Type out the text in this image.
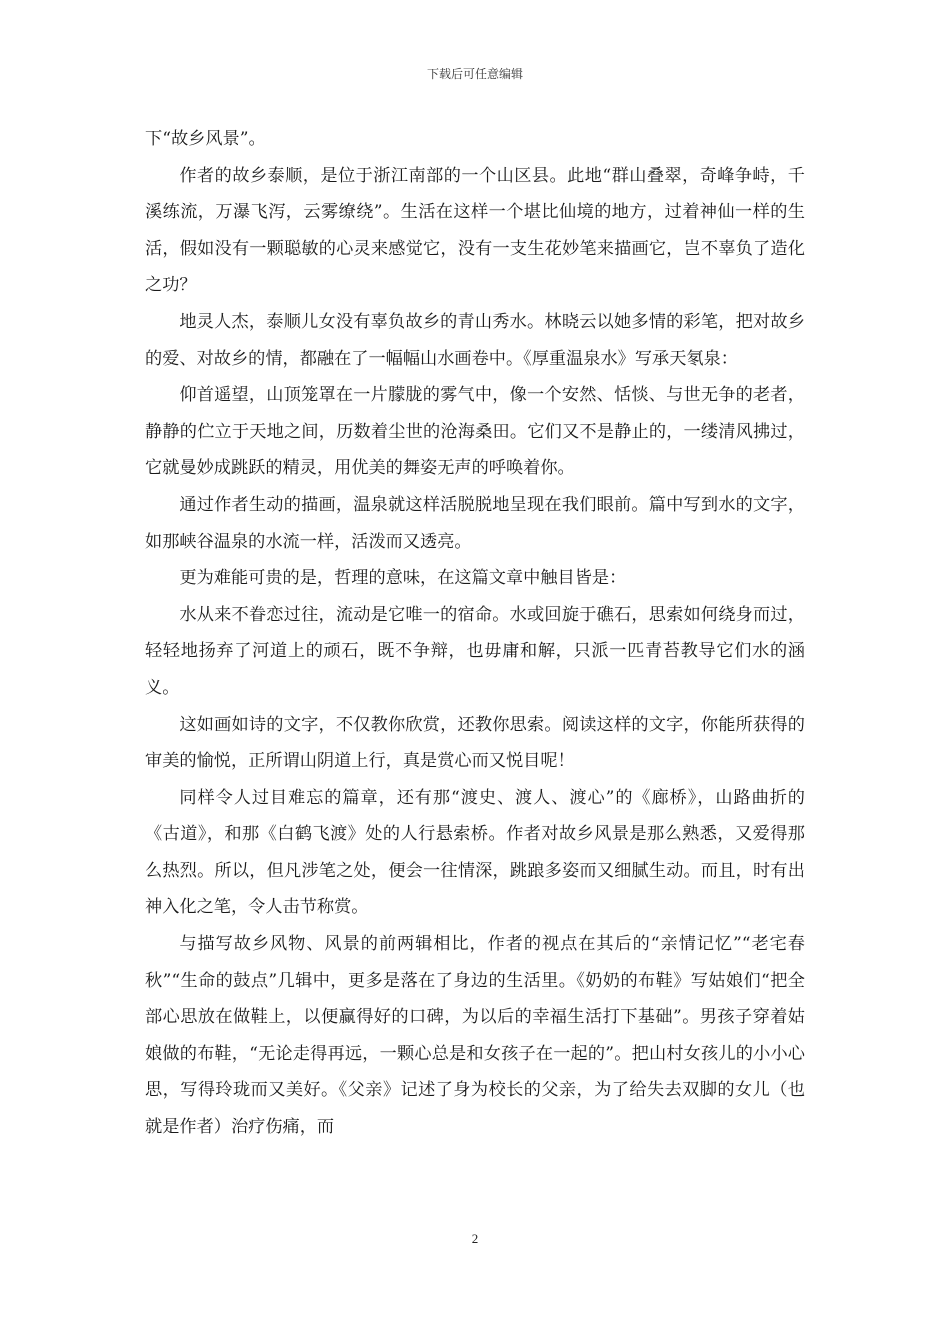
下载后可任意编辑

下“故乡风景”。

作者的故乡泰顺，是位于浙江南部的一个山区县。此地“群山叠翠，奇峰争峙，千溪练流，万瀑飞泻，云雾缭绕”。生活在这样一个堪比仙境的地方，过着神仙一样的生活，假如没有一颗聪敏的心灵来感觉它，没有一支生花妙笔来描画它，岂不辜负了造化之功？

地灵人杰，泰顺儿女没有辜负故乡的青山秀水。林晓云以她多情的彩笔，把对故乡的爱、对故乡的情，都融在了一幅幅山水画卷中。《厚重温泉水》写承天氡泉：

仰首遥望，山顶笼罩在一片朦胧的雾气中，像一个安然、恬惔、与世无争的老者，静静的伫立于天地之间，历数着尘世的沧海桑田。它们又不是静止的，一缕清风拂过，它就曼妙成跳跃的精灵，用优美的舞姿无声的呼唤着你。

通过作者生动的描画，温泉就这样活脱脱地呈现在我们眼前。篇中写到水的文字，如那峡谷温泉的水流一样，活泼而又透亮。

更为难能可贵的是，哲理的意味，在这篇文章中触目皆是：

水从来不眷恋过往，流动是它唯一的宿命。水或回旋于礁石，思索如何绕身而过，轻轻地扬弃了河道上的顽石，既不争辩，也毋庸和解，只派一匹青苔教导它们水的涵义。

这如画如诗的文字，不仅教你欣赏，还教你思索。阅读这样的文字，你能所获得的审美的愉悦，正所谓山阴道上行，真是赏心而又悦目呢！

同样令人过目难忘的篇章，还有那“渡史、渡人、渡心”的《廊桥》，山路曲折的《古道》，和那《白鹤飞渡》处的人行悬索桥。作者对故乡风景是那么熟悉，又爱得那么热烈。所以，但凡涉笔之处，便会一往情深，跳踉多姿而又细腻生动。而且，时有出神入化之笔，令人击节称赏。

与描写故乡风物、风景的前两辑相比，作者的视点在其后的“亲情记忆”“老宅春秋”“生命的鼓点”几辑中，更多是落在了身边的生活里。《奶奶的布鞋》写姑娘们“把全部心思放在做鞋上，以便赢得好的口碑，为以后的幸福生活打下基础”。男孩子穿着姑娘做的布鞋，“无论走得再远，一颗心总是和女孩子在一起的”。把山村女孩儿的小小心思，写得玲珑而又美好。《父亲》记述了身为校长的父亲，为了给失去双脚的女儿（也就是作者）治疗伤痛，而

2
